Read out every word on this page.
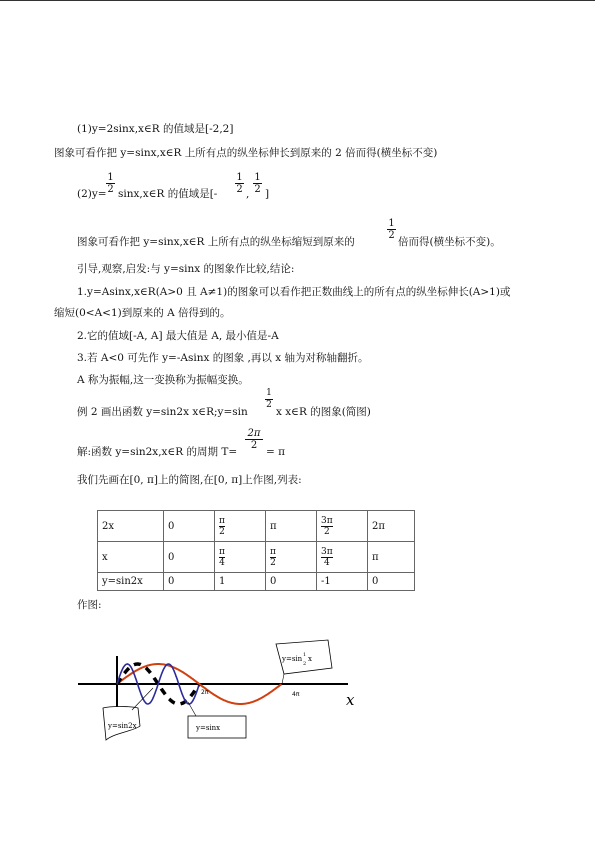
(1)y=2sinx,x∈R 的值域是[-2,2]
图象可看作把 y=sinx,x∈R 上所有点的纵坐标伸长到原来的 2 倍而得(横坐标不变)
(2)y=
1
2 sinx,x∈R 的值域是[-
1
2 ,
1
2 ]
图象可看作把 y=sinx,x∈R 上所有点的纵坐标缩短到原来的
1
2
倍而得(横坐标不变)。
引导,观察,启发:与 y=sinx 的图象作比较,结论:
1.y=Asinx,x∈R(A>0 且 A≠1)的图象可以看作把正数曲线上的所有点的纵坐标伸长(A>1)或
缩短(0<A<1)到原来的 A 倍得到的。
2.它的值域[-A, A] 最大值是 A, 最小值是-A
3.若 A<0 可先作 y=-Asinx 的图象 ,再以 x 轴为对称轴翻折。
A 称为振幅,这一变换称为振幅变换。
例 2 画出函数 y=sin2x x∈R;y=sin
1
2
x x∈R 的图象(简图)
解:函数 y=sin2x,x∈R 的周期 T=
2π
2
= π
我们先画在[0, π]上的简图,在[0, π]上作图,列表:
2x	0	$\frac{\pi}{2}$	π	$\frac{3\pi}{2}$	2π
x	0	$\frac{\pi}{4}$	$\frac{\pi}{2}$	$\frac{3\pi}{4}$	π
y=sin2x	0	1	0	-1	0
作图:
x
2π	4π
y=sin2x	y=sinx
y=sin 1
2
x
